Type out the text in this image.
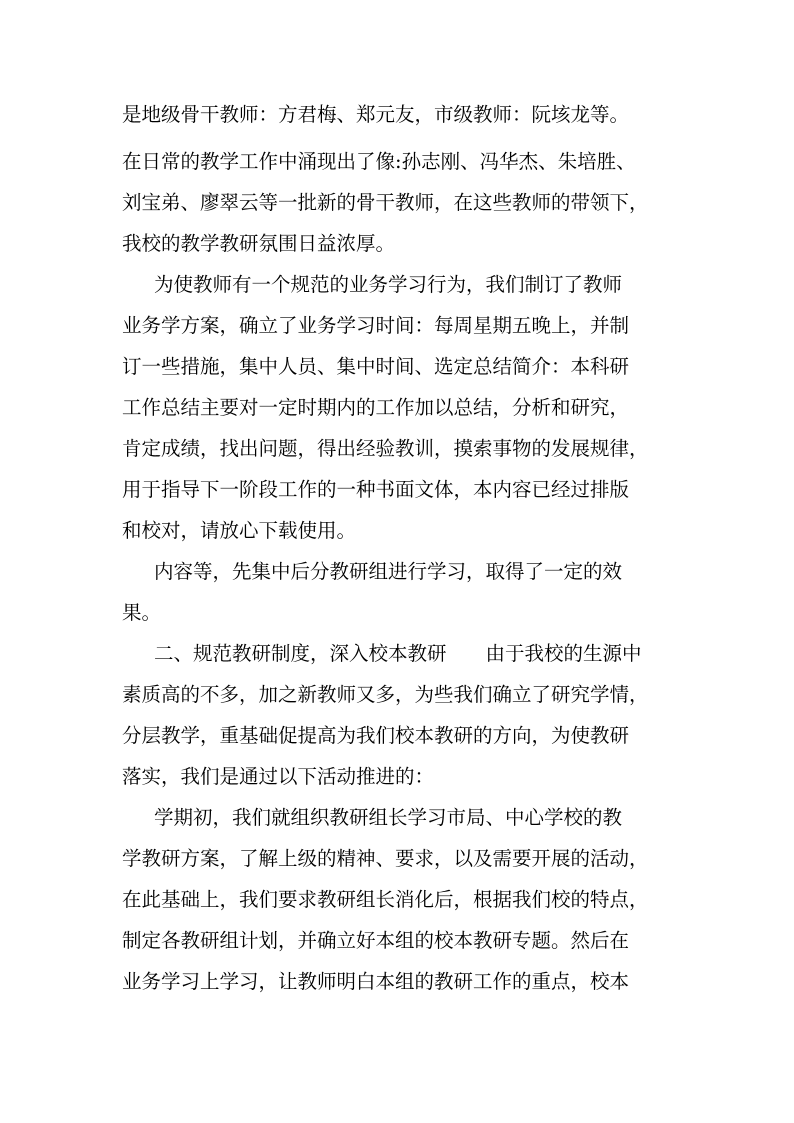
是地级骨干教师：方君梅、郑元友，市级教师：阮垓龙等。
在日常的教学工作中涌现出了像:孙志刚、冯华杰、朱培胜、
刘宝弟、廖翠云等一批新的骨干教师，在这些教师的带领下，
我校的教学教研氛围日益浓厚。
为使教师有一个规范的业务学习行为，我们制订了教师
业务学方案，确立了业务学习时间：每周星期五晚上，并制
订一些措施，集中人员、集中时间、选定总结简介：本科研
工作总结主要对一定时期内的工作加以总结，分析和研究，
肯定成绩，找出问题，得出经验教训，摸索事物的发展规律，
用于指导下一阶段工作的一种书面文体，本内容已经过排版
和校对，请放心下载使用。
内容等，先集中后分教研组进行学习，取得了一定的效
果。
二、规范教研制度，深入校本教研　　由于我校的生源中
素质高的不多，加之新教师又多，为些我们确立了研究学情，
分层教学，重基础促提高为我们校本教研的方向，为使教研
落实，我们是通过以下活动推进的：
学期初，我们就组织教研组长学习市局、中心学校的教
学教研方案，了解上级的精神、要求，以及需要开展的活动，
在此基础上，我们要求教研组长消化后，根据我们校的特点，
制定各教研组计划，并确立好本组的校本教研专题。然后在
业务学习上学习，让教师明白本组的教研工作的重点，校本
